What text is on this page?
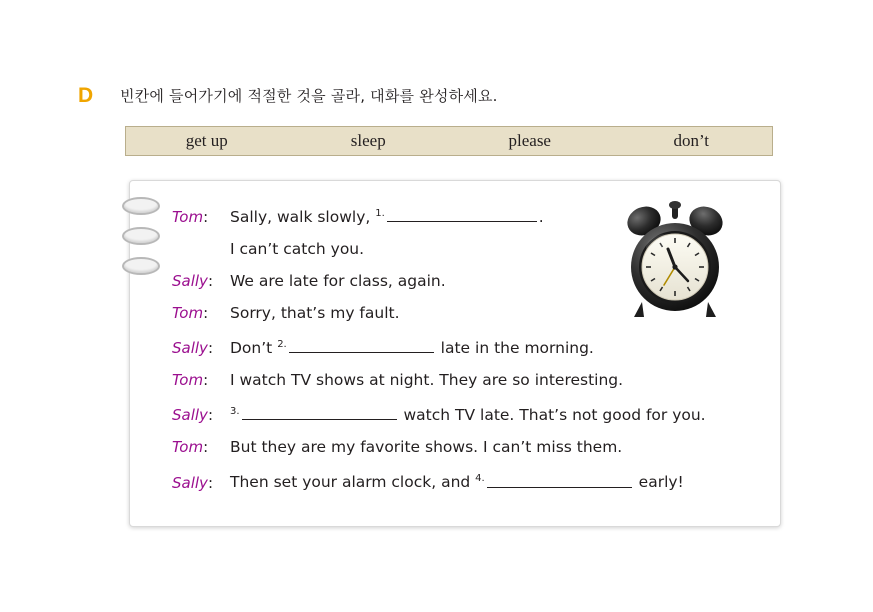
D	빈칸에 들어가기에 적절한 것을 골라, 대화를 완성하세요.
get up	sleep	please	don’t
Tom:	Sally, walk slowly, $^{1.}$	.
I can’t catch you.
Sally:	We are late for class, again.
Tom:	Sorry, that’s my fault.
Sally:	Don’t $^{2.}$	late in the morning.
Tom:	I watch TV shows at night. They are so interesting.
Sally:	$^{3.}$	watch TV late. That’s not good for you.
Tom:	But they are my favorite shows. I can’t miss them.
Sally:	Then set your alarm clock, and $^{4.}$	early!
